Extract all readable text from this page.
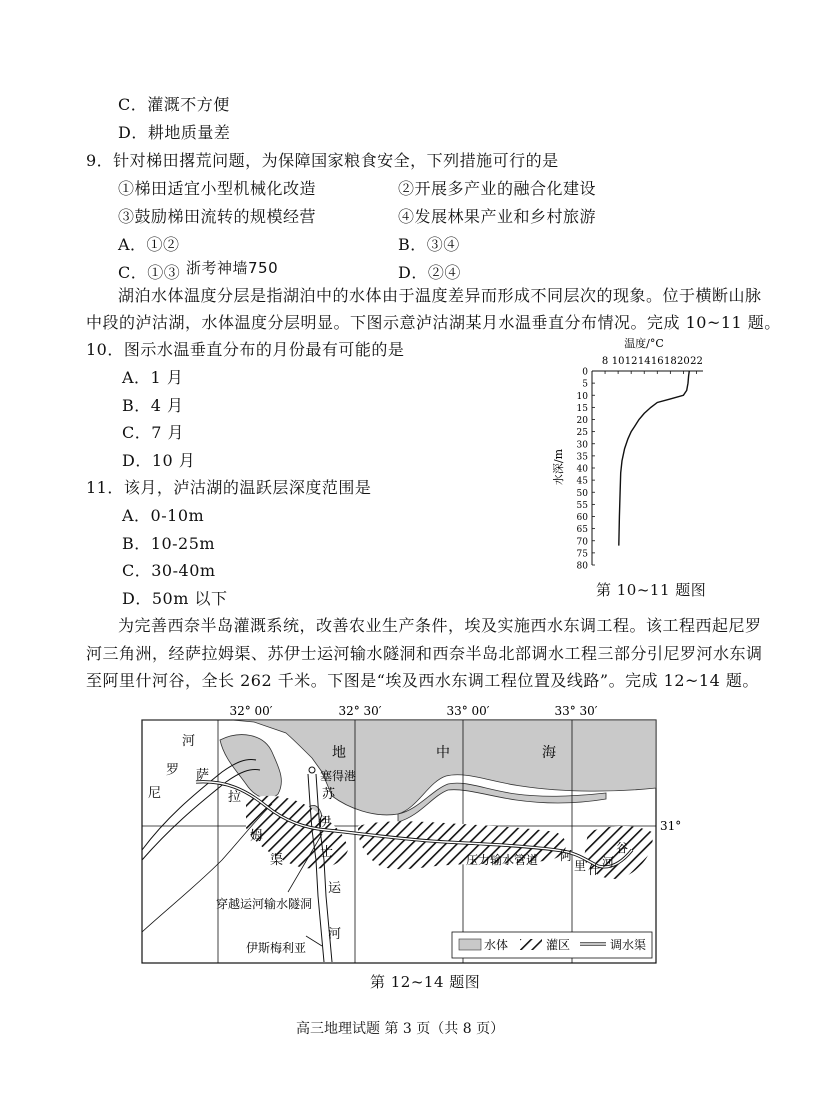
C．灌溉不方便
D．耕地质量差
9．针对梯田撂荒问题，为保障国家粮食安全，下列措施可行的是
①梯田适宜小型机械化改造	②开展多产业的融合化建设
③鼓励梯田流转的规模经营	④发展林果产业和乡村旅游
A．①②	B．③④
C．①③ 浙考神墙750	D．②④
湖泊水体温度分层是指湖泊中的水体由于温度差异而形成不同层次的现象。位于横断山脉
中段的泸沽湖，水体温度分层明显。下图示意泸沽湖某月水温垂直分布情况。完成 10~11 题。
10．图示水温垂直分布的月份最有可能的是
A．1 月
B．4 月
C．7 月
D．10 月
11．该月，泸沽湖的温跃层深度范围是
A．0-10m
B．10-25m
C．30-40m
D．50m 以下
温度/°C
8 10 12 14 16 18 20 22
0
5
10
15
20
25
30
35
40
45
50
55
60
65
70
75
80
水深/m
第 10~11 题图
为完善西奈半岛灌溉系统，改善农业生产条件，埃及实施西水东调工程。该工程西起尼罗
河三角洲，经萨拉姆渠、苏伊士运河输水隧洞和西奈半岛北部调水工程三部分引尼罗河水东调
至阿里什河谷，全长 262 千米。下图是“埃及西水东调工程位置及线路”。完成 12~14 题。
32° 00′	32° 30′	33° 00′	33° 30′
31°
地	中	海
河
罗
尼
萨
拉
姆
渠
苏
伊
士
运
河
阿
里 什
河
谷
塞得港
压力输水管道
穿越运河输水隧洞
伊斯梅利亚	水体	灌区	调水渠
第 12~14 题图
高三地理试题 第 3 页（共 8 页）
